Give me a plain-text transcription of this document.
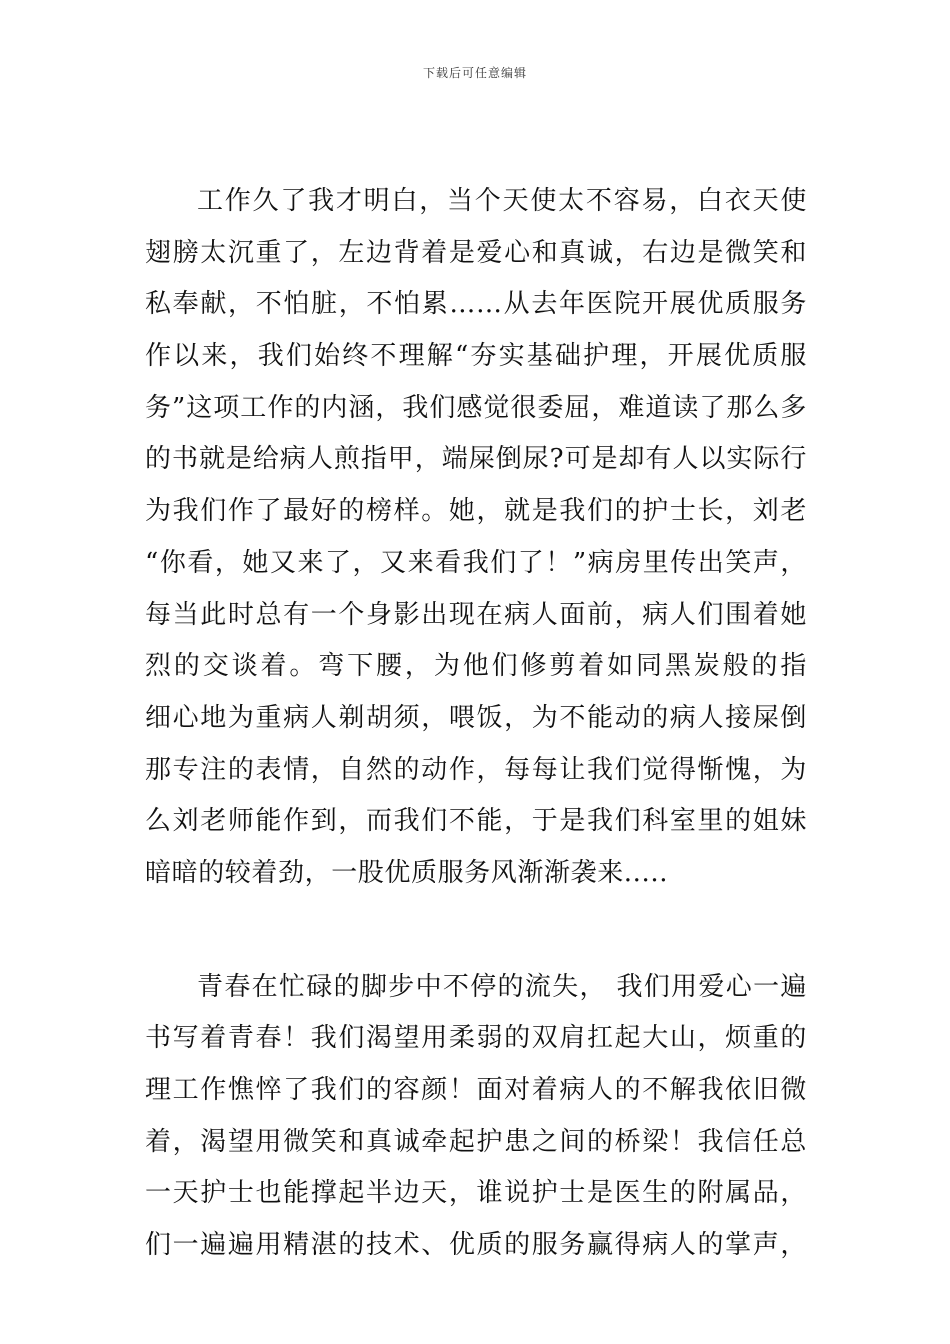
下载后可任意编辑
工作久了我才明白，当个天使太不容易，白衣天使
翅膀太沉重了，左边背着是爱心和真诚，右边是微笑和
私奉献，不怕脏，不怕累……从去年医院开展优质服务
作以来，我们始终不理解“夯实基础护理，开展优质服
务”这项工作的内涵，我们感觉很委屈，难道读了那么多
的书就是给病人煎指甲，端屎倒尿?可是却有人以实际行
为我们作了最好的榜样。她，就是我们的护士长，刘老
“你看，她又来了，又来看我们了！”病房里传出笑声，
每当此时总有一个身影出现在病人面前，病人们围着她
烈的交谈着。弯下腰，为他们修剪着如同黑炭般的指
细心地为重病人剃胡须，喂饭，为不能动的病人接屎倒
那专注的表情，自然的动作，每每让我们觉得惭愧，为
么刘老师能作到，而我们不能，于是我们科室里的姐妹
暗暗的较着劲，一股优质服务风渐渐袭来.....
青春在忙碌的脚步中不停的流失， 我们用爱心一遍
书写着青春！我们渴望用柔弱的双肩扛起大山，烦重的
理工作憔悴了我们的容颜！面对着病人的不解我依旧微
着，渴望用微笑和真诚牵起护患之间的桥梁！我信任总
一天护士也能撑起半边天，谁说护士是医生的附属品，
们一遍遍用精湛的技术、优质的服务赢得病人的掌声，
